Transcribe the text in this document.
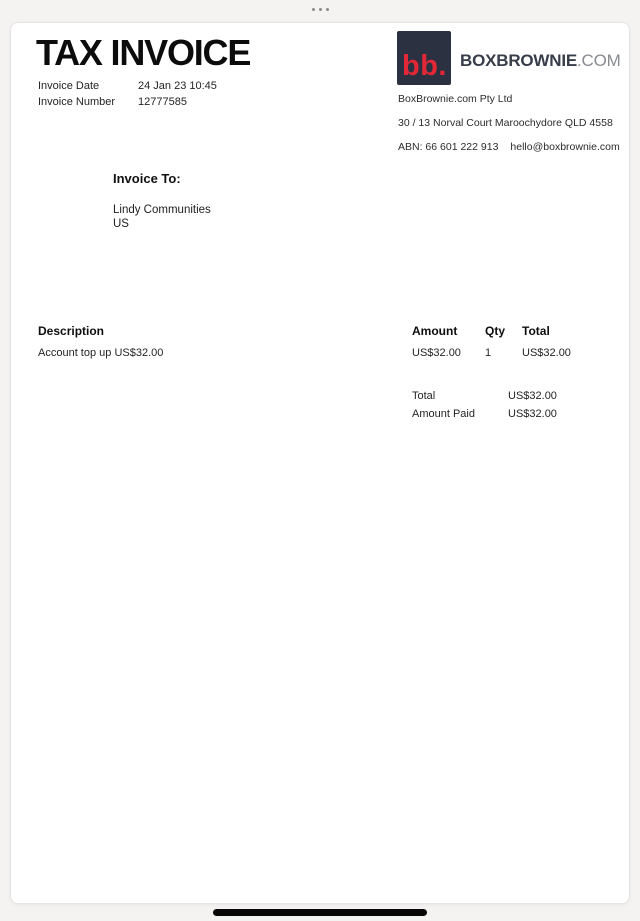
TAX INVOICE
Invoice Date	24 Jan 23 10:45
Invoice Number	12777585
bb. BOXBROWNIE.COM

BoxBrownie.com Pty Ltd

30 / 13 Norval Court Maroochydore QLD 4558

ABN: 66 601 222 913 hello@boxbrownie.com

Invoice To:
Lindy Communities
US
Description	Amount Qty Total
Account top up US$32.00	US$32.00 1	US$32.00
Total	US$32.00
Amount Paid	US$32.00
